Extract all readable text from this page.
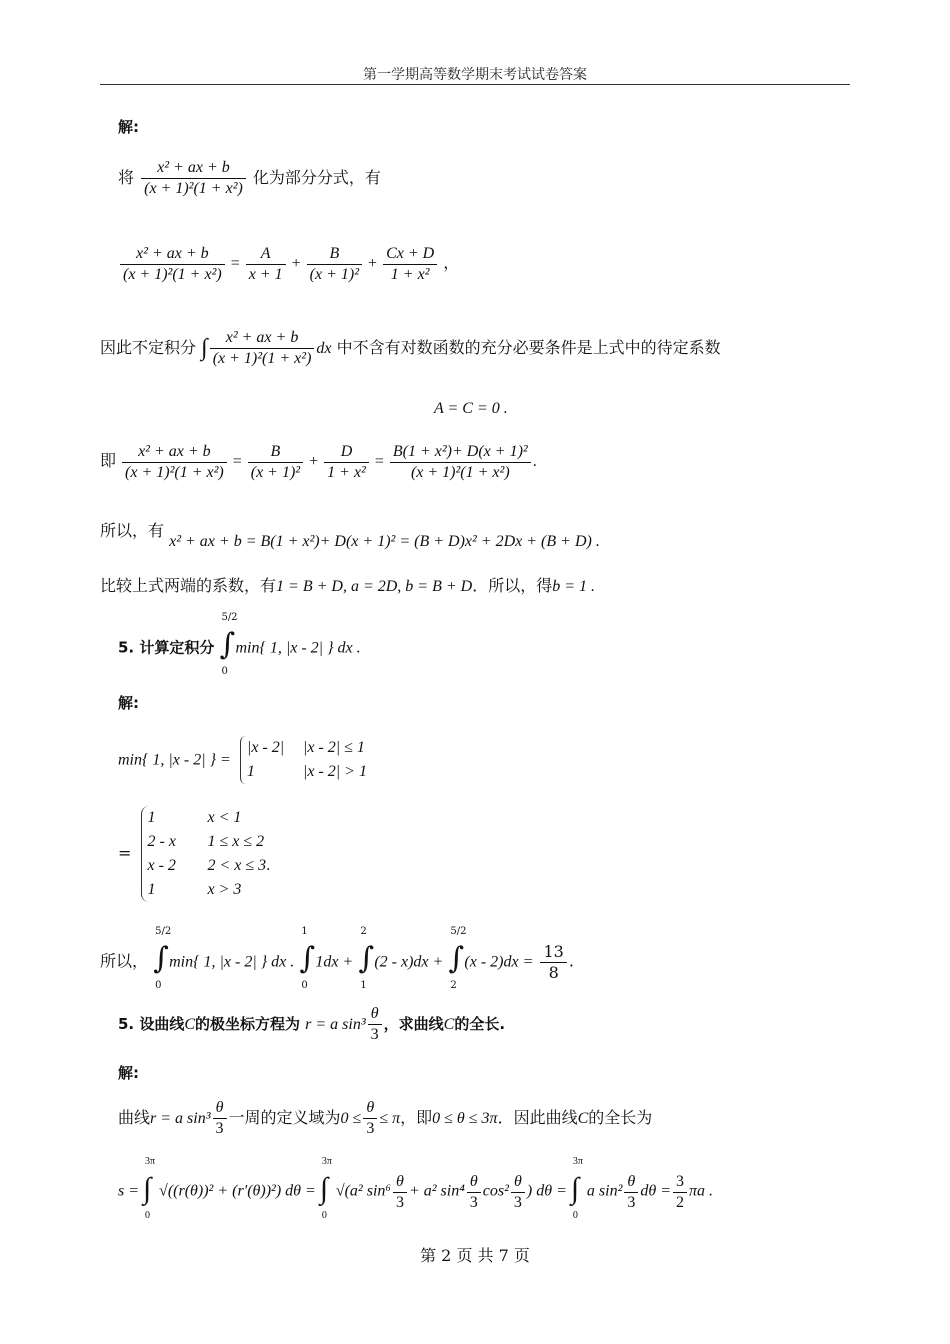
第一学期高等数学期末考试试卷答案
解:
将 $\frac{\text{x² + ax + b}}{\text{(x + 1)²(1 + x²)}}$ 化为部分分式，有
$\frac{\text{x² + ax + b}}{\text{(x + 1)²(1 + x²)}} = \frac{A}{x + 1} + \frac{B}{\text{(x + 1)²}} + \frac{Cx + D}{\text{1 + x²}}$ ，
因此不定积分 ∫ $\frac{\text{x² + ax + b}}{\text{(x + 1)²(1 + x²)}}$ dx 中不含有对数函数的充分必要条件是上式中的待定系数
A = C = 0 .
即 $\frac{\text{x² + ax + b}}{\text{(x + 1)²(1 + x²)}} = \frac{B}{\text{(x + 1)²}} + \frac{D}{\text{1 + x²}} = \frac{\text{B(1 + x²)+ D(x + 1)²}}{\text{(x + 1)²(1 + x²)}}$ .
所以，有 x² + ax + b = B(1 + x²)+ D(x + 1)² = (B + D)x² + 2Dx + (B + D) .
比较上式两端的系数，有1 = B + D, a = 2D, b = B + D．所以，得b = 1 .
5. 计算定积分
5/2
∫
0
min{ 1, |x - 2| } dx .
解:
min{ 1, |x - 2| } =
|x - 2| |x - 2| ≤ 1
1	|x - 2| > 1
=
1	x < 1
2 - x 1 ≤ x ≤ 2
x - 2 2 < x ≤ 3.
1	x > 3
所以，
5/2
∫
0
min{ 1, |x - 2| } dx .
1
∫
0
1dx +
2
∫
1
(2 - x)dx +
5/2
∫
2
$(x - 2)dx = \frac{13}{8}$ .
5. 设曲线C的极坐标方程为 r = a $\sin^3 \frac{\theta}{3}$ ，求曲线C的全长.
解:
曲线r = a $\sin^3 \frac{\theta}{3}$ 一周的定义域为$0 \le \frac{\theta}{3} \le \pi$，即0 ≤ θ ≤ 3π．因此曲线C的全长为
s =
3π
∫
0
√((r(θ))² + (r′(θ))²) dθ =
3π
∫
0
√(a² $\sin^6 \frac{\theta}{3} + a^2$ $\sin^4 \frac{\theta}{3} \cos^2 \frac{\theta}{3}$ ) dθ =
3π
∫
0
a $\sin^2 \frac{\theta}{3}$ $d\theta = \frac{3}{2}$ πa .
第 2 页 共 7 页
